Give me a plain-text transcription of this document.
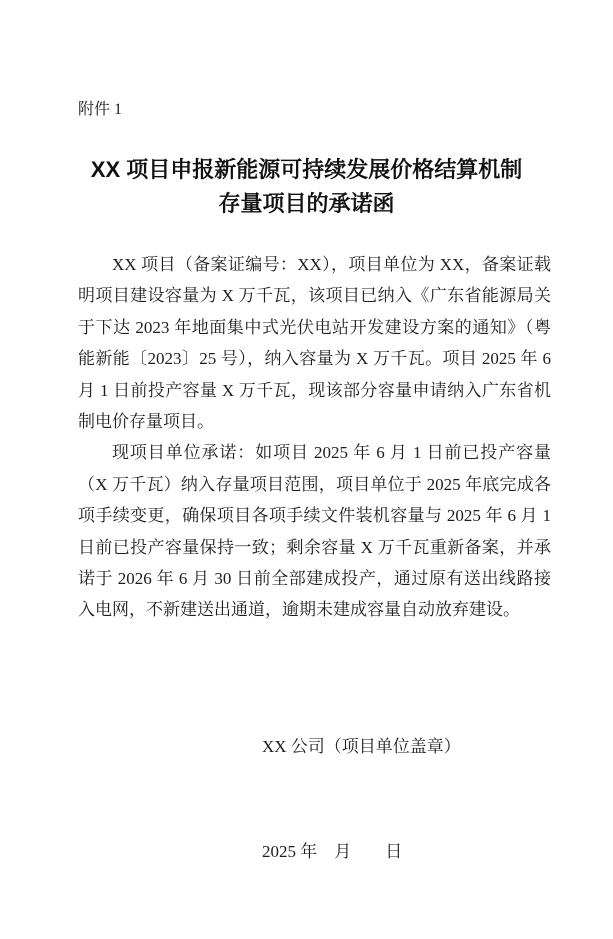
附件 1
XX 项目申报新能源可持续发展价格结算机制
存量项目的承诺函

XX 项目（备案证编号：XX），项目单位为 XX，备案证载明项目建设容量为 X 万千瓦，该项目已纳入《广东省能源局关于下达 2023 年地面集中式光伏电站开发建设方案的通知》（粤能新能〔2023〕25 号），纳入容量为 X 万千瓦。项目 2025 年 6 月 1 日前投产容量 X 万千瓦，现该部分容量申请纳入广东省机制电价存量项目。

现项目单位承诺：如项目 2025 年 6 月 1 日前已投产容量（X 万千瓦）纳入存量项目范围，项目单位于 2025 年底完成各项手续变更，确保项目各项手续文件装机容量与 2025 年 6 月 1 日前已投产容量保持一致；剩余容量 X 万千瓦重新备案，并承诺于 2026 年 6 月 30 日前全部建成投产，通过原有送出线路接入电网，不新建送出通道，逾期未建成容量自动放弃建设。

XX 公司（项目单位盖章）

2025 年　月　　日
